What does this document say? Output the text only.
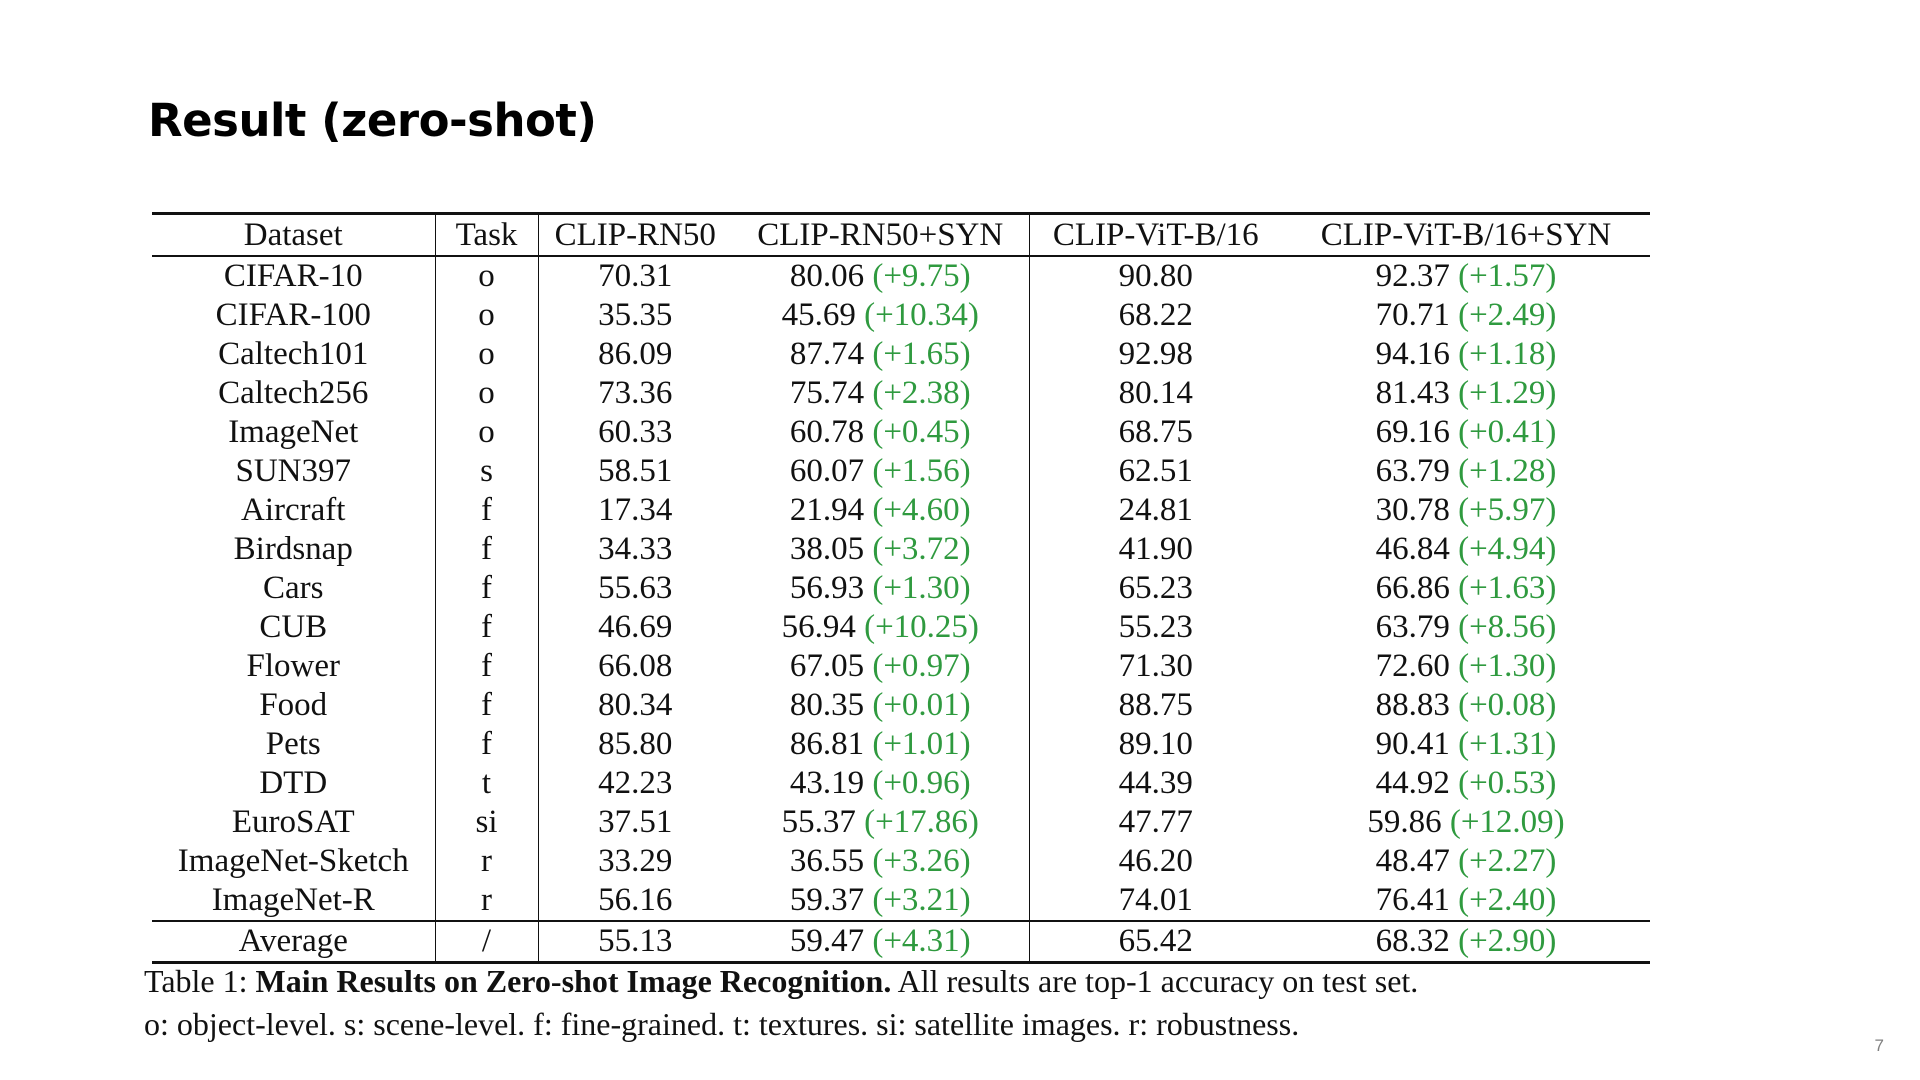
Result (zero-shot)
Dataset	Task	CLIP-RN50	CLIP-RN50+SYN	CLIP-ViT-B/16	CLIP-ViT-B/16+SYN
CIFAR-10	o	70.31	80.06 (+9.75)	90.80	92.37 (+1.57)
CIFAR-100	o	35.35	45.69 (+10.34)	68.22	70.71 (+2.49)
Caltech101	o	86.09	87.74 (+1.65)	92.98	94.16 (+1.18)
Caltech256	o	73.36	75.74 (+2.38)	80.14	81.43 (+1.29)
ImageNet	o	60.33	60.78 (+0.45)	68.75	69.16 (+0.41)
SUN397	s	58.51	60.07 (+1.56)	62.51	63.79 (+1.28)
Aircraft	f	17.34	21.94 (+4.60)	24.81	30.78 (+5.97)
Birdsnap	f	34.33	38.05 (+3.72)	41.90	46.84 (+4.94)
Cars	f	55.63	56.93 (+1.30)	65.23	66.86 (+1.63)
CUB	f	46.69	56.94 (+10.25)	55.23	63.79 (+8.56)
Flower	f	66.08	67.05 (+0.97)	71.30	72.60 (+1.30)
Food	f	80.34	80.35 (+0.01)	88.75	88.83 (+0.08)
Pets	f	85.80	86.81 (+1.01)	89.10	90.41 (+1.31)
DTD	t	42.23	43.19 (+0.96)	44.39	44.92 (+0.53)
EuroSAT	si	37.51	55.37 (+17.86)	47.77	59.86 (+12.09)
ImageNet-Sketch	r	33.29	36.55 (+3.26)	46.20	48.47 (+2.27)
ImageNet-R	r	56.16	59.37 (+3.21)	74.01	76.41 (+2.40)
Average	/	55.13	59.47 (+4.31)	65.42	68.32 (+2.90)
Table 1: Main Results on Zero-shot Image Recognition. All results are top-1 accuracy on test set.
o: object-level. s: scene-level. f: fine-grained. t: textures. si: satellite images. r: robustness.
7
